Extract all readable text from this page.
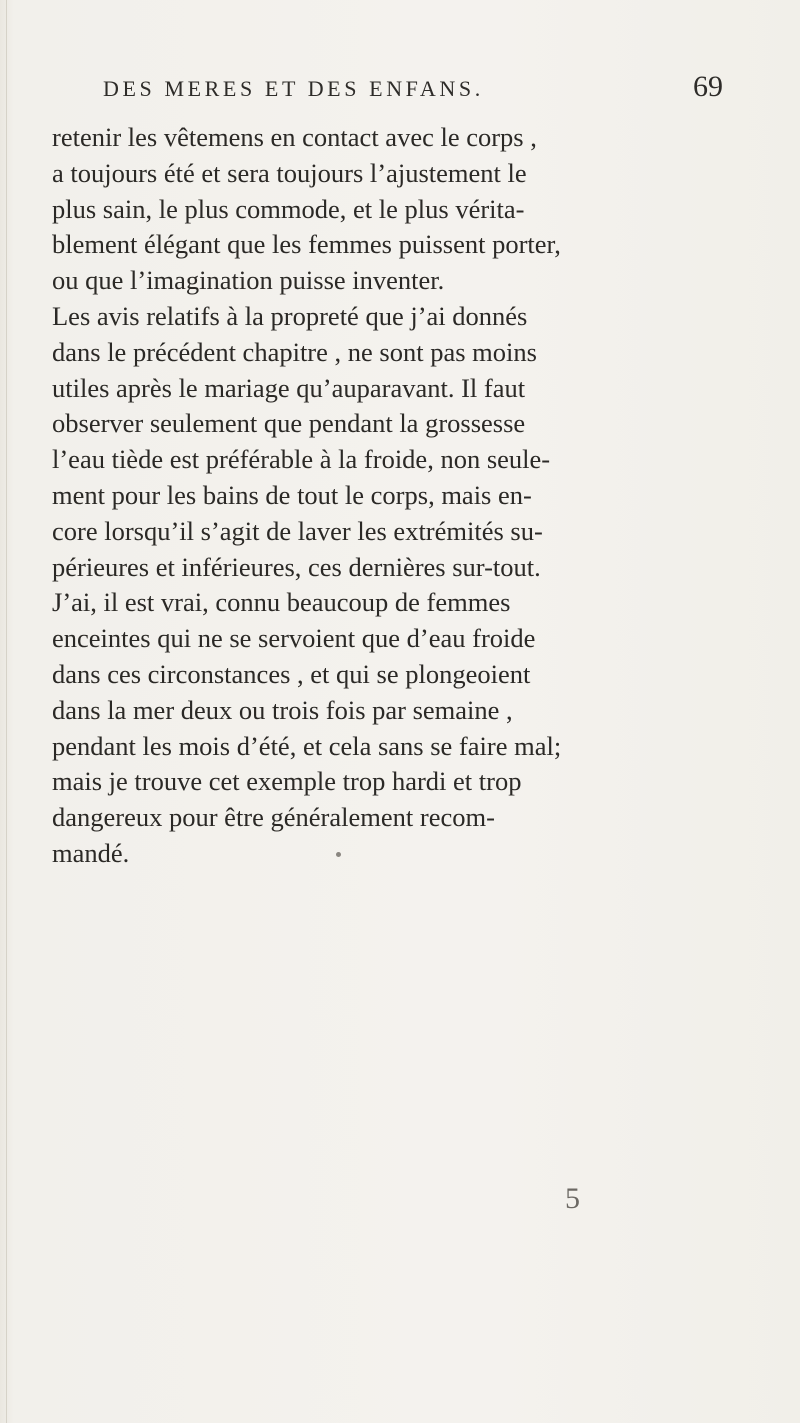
DES MERES ET DES ENFANS.	69
retenir les vêtemens en contact avec le corps ,
a toujours été et sera toujours l’ajustement le
plus sain, le plus commode, et le plus vérita-
blement élégant que les femmes puissent porter,
ou que l’imagination puisse inventer.
Les avis relatifs à la propreté que j’ai donnés
dans le précédent chapitre , ne sont pas moins
utiles après le mariage qu’auparavant. Il faut
observer seulement que pendant la grossesse
l’eau tiède est préférable à la froide, non seule-
ment pour les bains de tout le corps, mais en-
core lorsqu’il s’agit de laver les extrémités su-
périeures et inférieures, ces dernières sur-tout.
J’ai, il est vrai, connu beaucoup de femmes
enceintes qui ne se servoient que d’eau froide
dans ces circonstances , et qui se plongeoient
dans la mer deux ou trois fois par semaine ,
pendant les mois d’été, et cela sans se faire mal;
mais je trouve cet exemple trop hardi et trop
dangereux pour être généralement recom-
mandé.
5
